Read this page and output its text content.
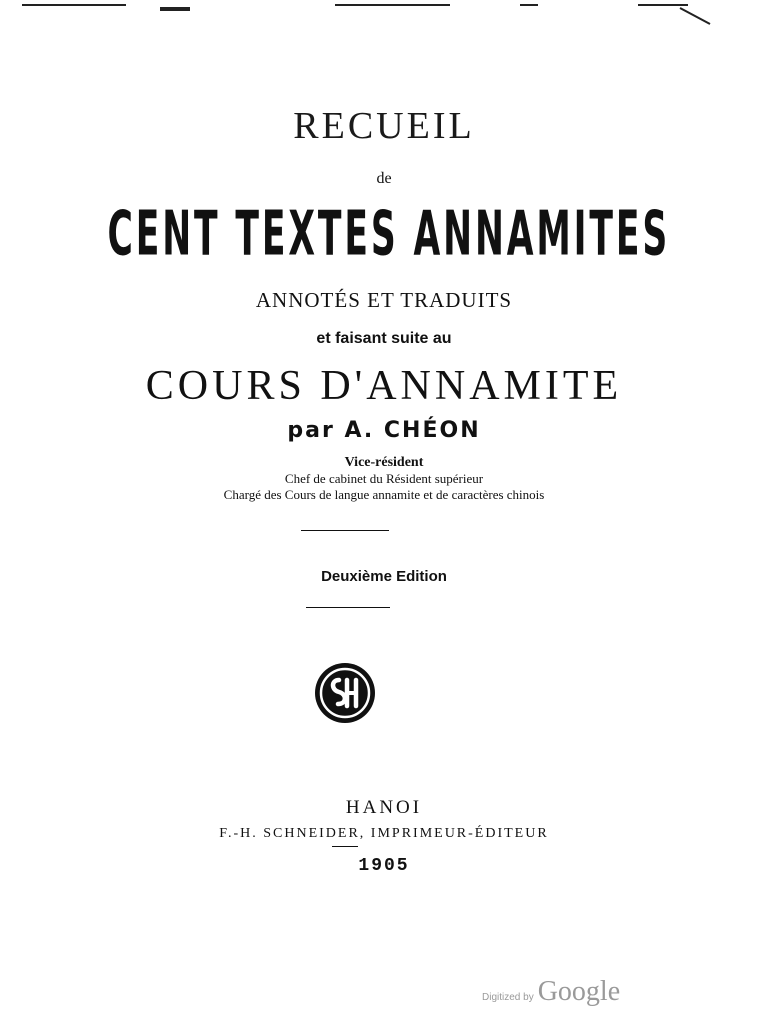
RECUEIL
de
CENT TEXTES ANNAMITES
ANNOTÉS ET TRADUITS
et faisant suite au
COURS D'ANNAMITE
par A. CHÉON
Vice-résident
Chef de cabinet du Résident supérieur
Chargé des Cours de langue annamite et de caractères chinois
Deuxième Edition
HANOI
F.-H. SCHNEIDER, IMPRIMEUR-ÉDITEUR
1905
Digitized by Google
